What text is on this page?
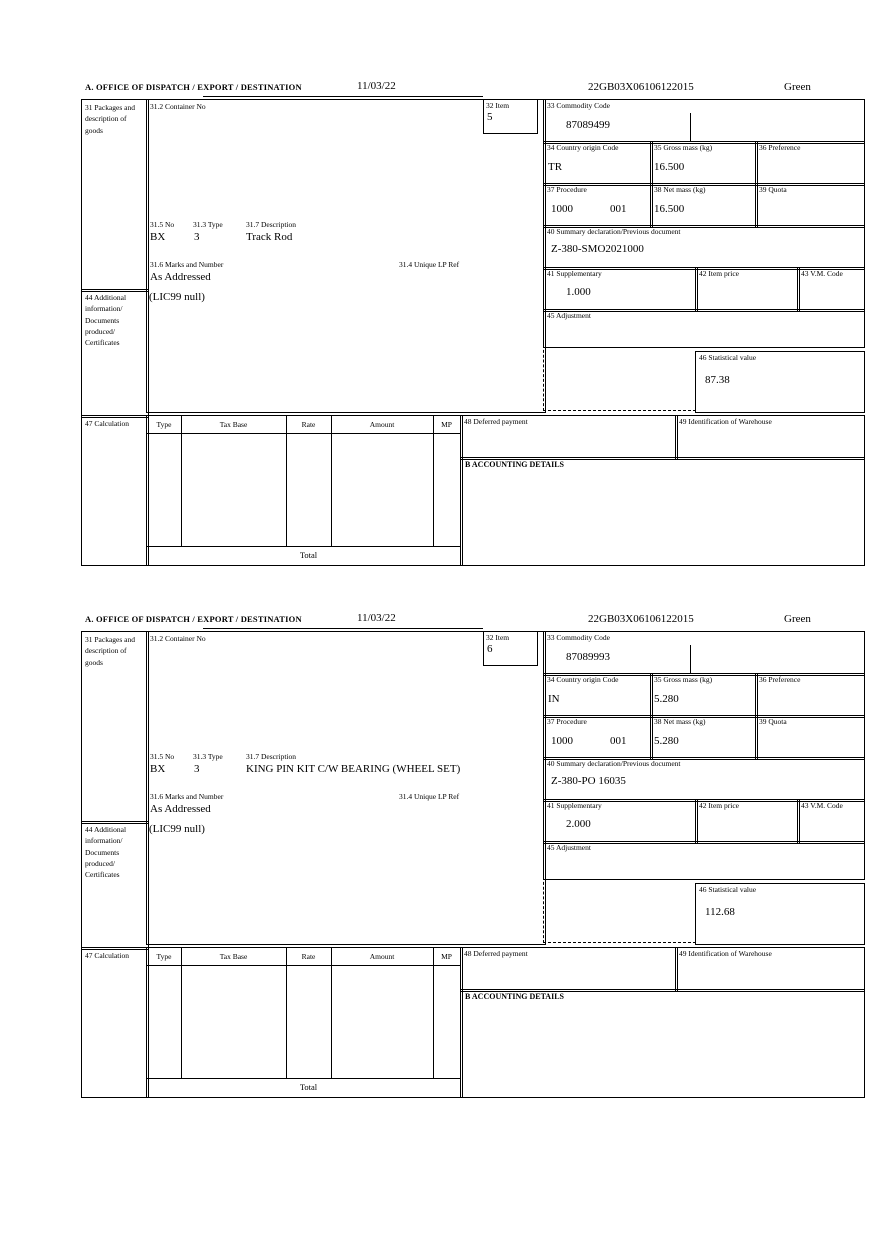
A. OFFICE OF DISPATCH / EXPORT / DESTINATION	11/03/22	22GB03X06106122015	Green
31 Packages and description of goods
44 Additional information/ Documents produced/ Certificates
47 Calculation
31.2 Container No	32 Item
5
31.5 No	31.3 Type	31.7 Description
BX	3	Track Rod
31.6 Marks and Number	31.4 Unique LP Ref
As Addressed
(LIC99 null)
33 Commodity Code
87089499
34 Country origin Code
TR
35 Gross mass (kg)
16.500
36 Preference
37 Procedure
1000	001
38 Net mass (kg)
16.500
39 Quota
40 Summary declaration/Previous document
Z-380-SMO2021000
41 Supplementary
1.000
42 Item price	43 V.M. Code
45 Adjustment
46 Statistical value
87.38
Type	Tax Base	Rate	Amount	MP
Total
48 Deferred payment	49 Identification of Warehouse
B ACCOUNTING DETAILS
A. OFFICE OF DISPATCH / EXPORT / DESTINATION	11/03/22	22GB03X06106122015	Green
31 Packages and description of goods
44 Additional information/ Documents produced/ Certificates
47 Calculation
31.2 Container No	32 Item
6
31.5 No	31.3 Type	31.7 Description
BX	3	KING PIN KIT C/W BEARING (WHEEL SET)
31.6 Marks and Number	31.4 Unique LP Ref
As Addressed
(LIC99 null)
33 Commodity Code
87089993
34 Country origin Code
IN
35 Gross mass (kg)
5.280
36 Preference
37 Procedure
1000	001
38 Net mass (kg)
5.280
39 Quota
40 Summary declaration/Previous document
Z-380-PO 16035
41 Supplementary
2.000
42 Item price	43 V.M. Code
45 Adjustment
46 Statistical value
112.68
Type	Tax Base	Rate	Amount	MP
Total
48 Deferred payment	49 Identification of Warehouse
B ACCOUNTING DETAILS
